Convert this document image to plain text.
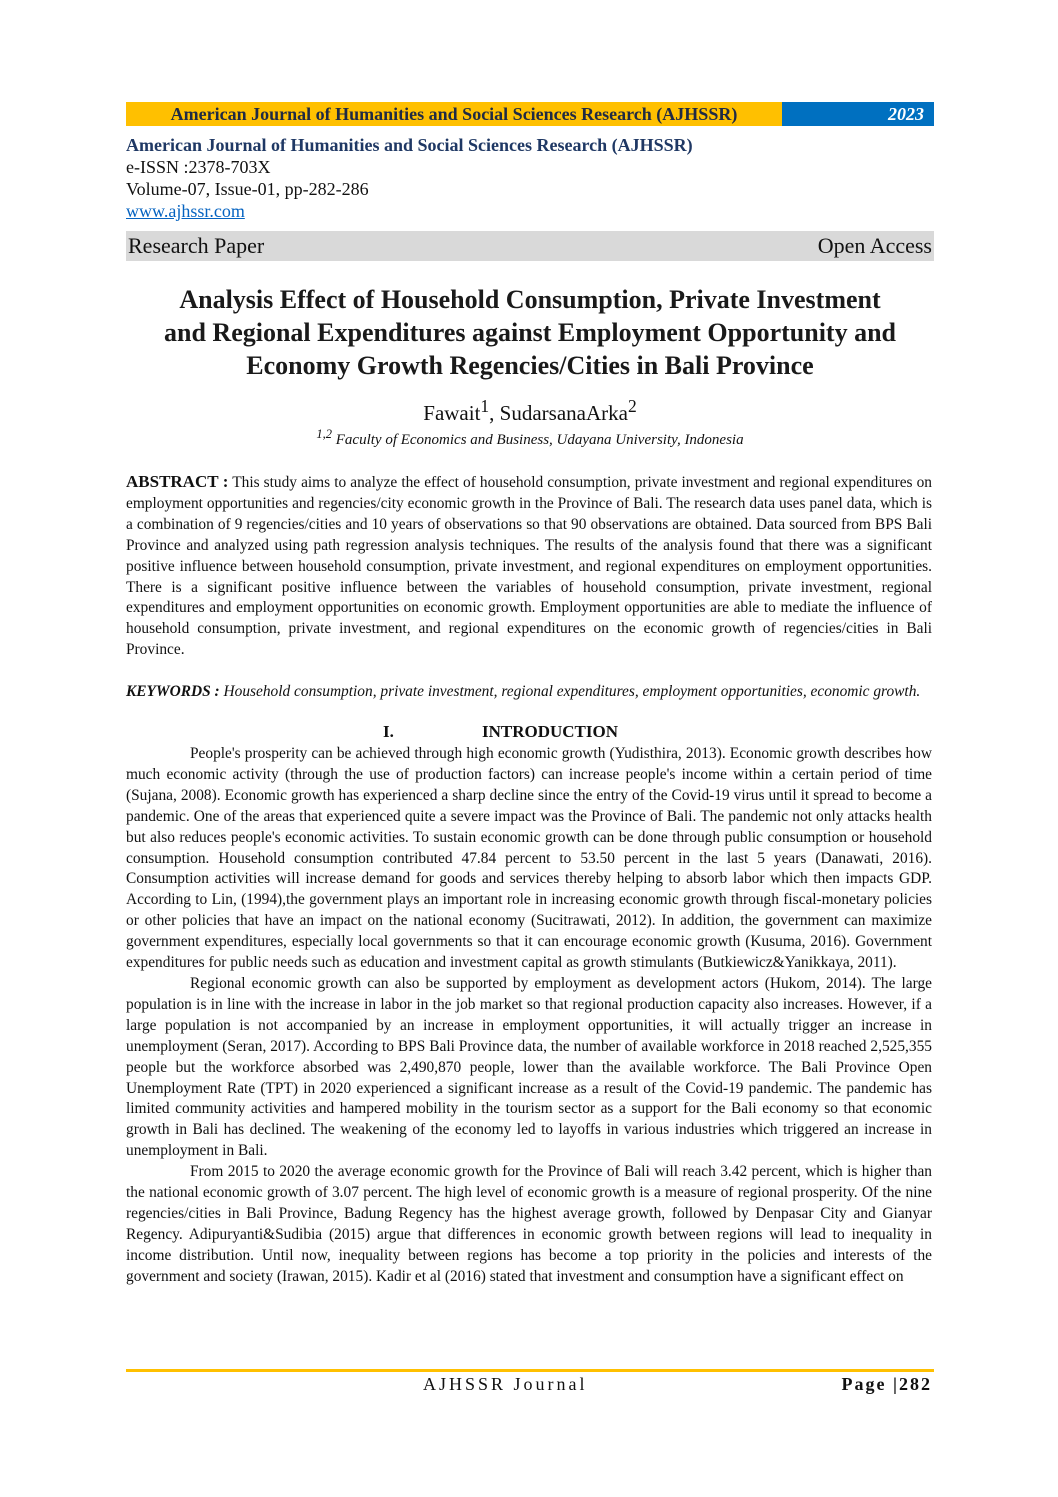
American Journal of Humanities and Social Sciences Research (AJHSSR)	2023
American Journal of Humanities and Social Sciences Research (AJHSSR)
e-ISSN :2378-703X
Volume-07, Issue-01, pp-282-286
www.ajhssr.com
Research Paper	Open Access
Analysis Effect of Household Consumption, Private Investment
and Regional Expenditures against Employment Opportunity and
Economy Growth Regencies/Cities in Bali Province
Fawait$^1$, SudarsanaArka$^2$
$^{1,2}$ Faculty of Economics and Business, Udayana University, Indonesia
ABSTRACT : This study aims to analyze the effect of household consumption, private investment and regional expenditures on employment opportunities and regencies/city economic growth in the Province of Bali. The research data uses panel data, which is a combination of 9 regencies/cities and 10 years of observations so that 90 observations are obtained. Data sourced from BPS Bali Province and analyzed using path regression analysis techniques. The results of the analysis found that there was a significant positive influence between household consumption, private investment, and regional expenditures on employment opportunities. There is a significant positive influence between the variables of household consumption, private investment, regional expenditures and employment opportunities on economic growth. Employment opportunities are able to mediate the influence of household consumption, private investment, and regional expenditures on the economic growth of regencies/cities in Bali Province.
KEYWORDS : Household consumption, private investment, regional expenditures, employment opportunities, economic growth.
I.	INTRODUCTION

People's prosperity can be achieved through high economic growth (Yudisthira, 2013). Economic growth describes how much economic activity (through the use of production factors) can increase people's income within a certain period of time (Sujana, 2008). Economic growth has experienced a sharp decline since the entry of the Covid-19 virus until it spread to become a pandemic. One of the areas that experienced quite a severe impact was the Province of Bali. The pandemic not only attacks health but also reduces people's economic activities. To sustain economic growth can be done through public consumption or household consumption. Household consumption contributed 47.84 percent to 53.50 percent in the last 5 years (Danawati, 2016). Consumption activities will increase demand for goods and services thereby helping to absorb labor which then impacts GDP. According to Lin, (1994),the government plays an important role in increasing economic growth through fiscal-monetary policies or other policies that have an impact on the national economy (Sucitrawati, 2012). In addition, the government can maximize government expenditures, especially local governments so that it can encourage economic growth (Kusuma, 2016). Government expenditures for public needs such as education and investment capital as growth stimulants (Butkiewicz&Yanikkaya, 2011).

Regional economic growth can also be supported by employment as development actors (Hukom, 2014). The large population is in line with the increase in labor in the job market so that regional production capacity also increases. However, if a large population is not accompanied by an increase in employment opportunities, it will actually trigger an increase in unemployment (Seran, 2017). According to BPS Bali Province data, the number of available workforce in 2018 reached 2,525,355 people but the workforce absorbed was 2,490,870 people, lower than the available workforce. The Bali Province Open Unemployment Rate (TPT) in 2020 experienced a significant increase as a result of the Covid-19 pandemic. The pandemic has limited community activities and hampered mobility in the tourism sector as a support for the Bali economy so that economic growth in Bali has declined. The weakening of the economy led to layoffs in various industries which triggered an increase in unemployment in Bali.

From 2015 to 2020 the average economic growth for the Province of Bali will reach 3.42 percent, which is higher than the national economic growth of 3.07 percent. The high level of economic growth is a measure of regional prosperity. Of the nine regencies/cities in Bali Province, Badung Regency has the highest average growth, followed by Denpasar City and Gianyar Regency. Adipuryanti&Sudibia (2015) argue that differences in economic growth between regions will lead to inequality in income distribution. Until now, inequality between regions has become a top priority in the policies and interests of the government and society (Irawan, 2015). Kadir et al (2016) stated that investment and consumption have a significant effect on

AJHSSR Journal	Page |282
